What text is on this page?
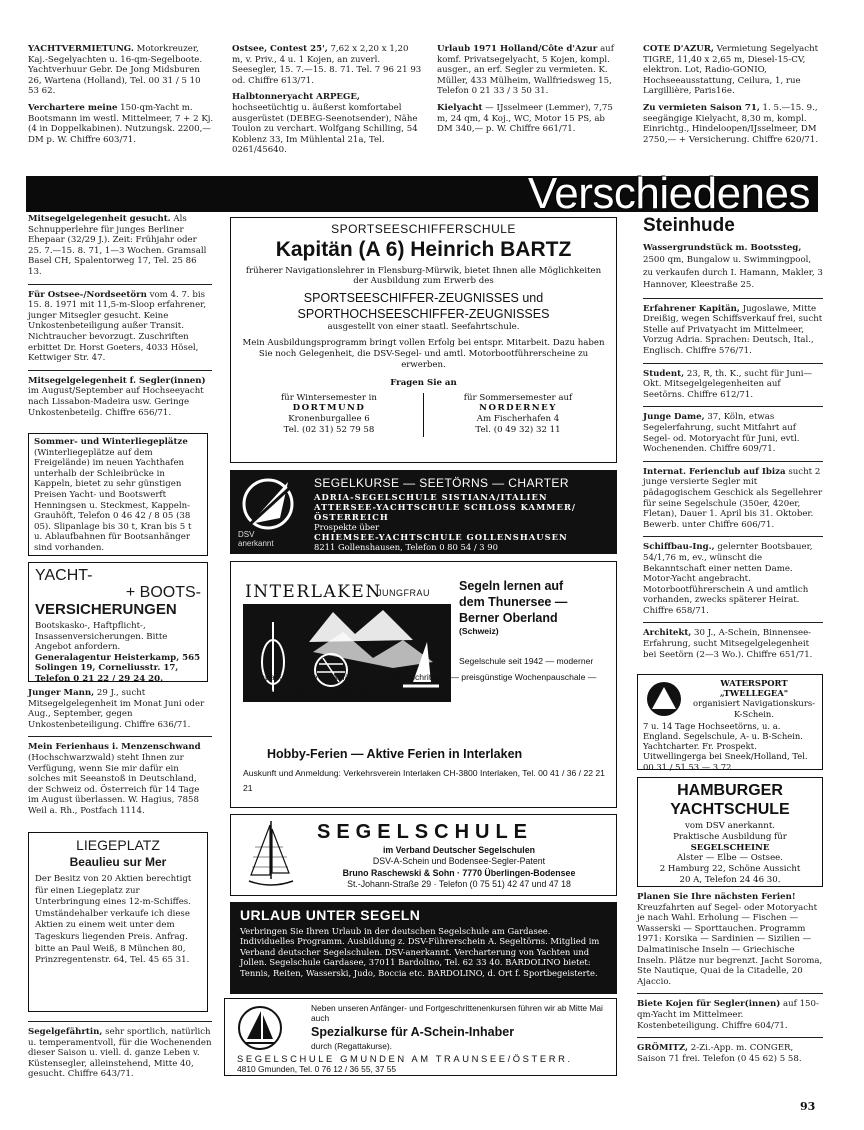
YACHTVERMIETUNG. Motorkreuzer, Kaj.-Segelyachten u. 16-qm-Segelboote. Yachtverhuur Gebr. De Jong Midsburen 26, Wartena (Holland), Tel. 00 31 / 5 10 53 62.

Verchartere meine 150-qm-Yacht m. Bootsmann im westl. Mittelmeer, 7 + 2 Kj. (4 in Doppelkabinen). Nutzungsk. 2200,— DM p. W. Chiffre 603/71.

Ostsee, Contest 25', 7,62 x 2,20 x 1,20 m, v. Priv., 4 u. 1 Kojen, an zuverl. Seesegler, 15. 7.—15. 8. 71. Tel. 7 96 21 93 od. Chiffre 613/71.

Halbtonneryacht ARPEGE, hochseetüchtig u. äußerst komfortabel ausgerüstet (DEBEG-Seenotsender), Nähe Toulon zu verchart. Wolfgang Schilling, 54 Koblenz 33, Im Mühlental 21a, Tel. 0261/45640.

Urlaub 1971 Holland/Côte d'Azur auf komf. Privatsegelyacht, 5 Kojen, kompl. ausger., an erf. Segler zu vermieten. K. Müller, 433 Mülheim, Wallfriedsweg 15, Telefon 0 21 33 / 3 50 31.

Kielyacht — IJsselmeer (Lemmer), 7,75 m, 24 qm, 4 Koj., WC, Motor 15 PS, ab DM 340,— p. W. Chiffre 661/71.

COTE D'AZUR, Vermietung Segelyacht TIGRE, 11,40 x 2,65 m, Diesel-15-CV, elektron. Lot, Radio-GONIO, Hochseeausstattung, Ceilura, 1, rue Largillière, Paris16e.

Zu vermieten Saison 71, 1. 5.—15. 9., seegängige Kielyacht, 8,30 m, kompl. Einrichtg., Hindeloopen/IJsselmeer, DM 2750,— + Versicherung. Chiffre 620/71.

Verschiedenes

Mitsegelgelegenheit gesucht. Als Schnupperlehre für junges Berliner Ehepaar (32/29 J.). Zeit: Frühjahr oder 25. 7.—15. 8. 71, 1—3 Wochen. Gramsall Basel CH, Spalentorweg 17, Tel. 25 86 13.

Für Ostsee-/Nordseetörn vom 4. 7. bis 15. 8. 1971 mit 11,5-m-Sloop erfahrener, junger Mitsegler gesucht. Keine Unkostenbeteiligung außer Transit. Nichtraucher bevorzugt. Zuschriften erbittet Dr. Horst Goeters, 4033 Hösel, Kettwiger Str. 47.

Mitsegelgelegenheit f. Segler(innen) im August/September auf Hochseeyacht nach Lissabon-Madeira usw. Geringe Unkostenbeteilg. Chiffre 656/71.

Sommer- und Winterliegeplätze (Winterliegeplätze auf dem Freigelände) im neuen Yachthafen unterhalb der Schleibrücke in Kappeln, bietet zu sehr günstigen Preisen Yacht- und Bootswerft Henningsen u. Steckmest, Kappeln-Grauhöft, Telefon 0 46 42 / 8 05 (38 05). Slipanlage bis 30 t, Kran bis 5 t u. Ablaufbahnen für Bootsanhänger sind vorhanden.
YACHT-
+ BOOTS-
VERSICHERUNGEN
Bootskasko-, Haftpflicht-, Insassenversicherungen. Bitte Angebot anfordern.
Generalagentur Heisterkamp, 565 Solingen 19, Corneliusstr. 17, Telefon 0 21 22 / 29 24 20.

Junger Mann, 29 J., sucht Mitsegelgelegenheit im Monat Juni oder Aug., September, gegen Unkostenbeteiligung. Chiffre 636/71.

Mein Ferienhaus i. Menzenschwand (Hochschwarzwald) steht Ihnen zur Verfügung, wenn Sie mir dafür ein solches mit Seeanstoß in Deutschland, der Schweiz od. Österreich für 14 Tage im August überlassen. W. Hagius, 7858 Weil a. Rh., Postfach 1114.

LIEGEPLATZ
Beaulieu sur Mer
Der Besitz von 20 Aktien berechtigt für einen Liegeplatz zur Unterbringung eines 12-m-Schiffes. Umständehalber verkaufe ich diese Aktien zu einem weit unter dem Tageskurs liegenden Preis. Anfrag. bitte an Paul Weiß, 8 München 80, Prinzregentenstr. 64, Tel. 45 65 31.

Segelgefährtin, sehr sportlich, natürlich u. temperamentvoll, für die Wochenenden dieser Saison u. viell. d. ganze Leben v. Küstensegler, alleinstehend, Mitte 40, gesucht. Chiffre 643/71.

SPORTSEESCHIFFERSCHULE
Kapitän (A 6) Heinrich BARTZ
früherer Navigationslehrer in Flensburg-Mürwik, bietet Ihnen alle Möglichkeiten der Ausbildung zum Erwerb des
SPORTSEESCHIFFER-ZEUGNISSES und
SPORTHOCHSEESCHIFFER-ZEUGNISSES
ausgestellt von einer staatl. Seefahrtschule.
Mein Ausbildungsprogramm bringt vollen Erfolg bei entspr. Mitarbeit. Dazu haben Sie noch Gelegenheit, die DSV-Segel- und amtl. Motorbootführerscheine zu erwerben.
Fragen Sie an
für Wintersemester in
DORTMUND
Kronenburgallee 6
Tel. (02 31) 52 79 58
für Sommersemester auf
NORDERNEY
Am Fischerhafen 4
Tel. (0 49 32) 32 11
DSV
anerkannt
SEGELKURSE — SEETÖRNS — CHARTER
ADRIA-SEGELSCHULE SISTIANA/ITALIEN
ATTERSEE-YACHTSCHULE SCHLOSS KAMMER/
ÖSTERREICH
Prospekte über
CHIEMSEE-YACHTSCHULE GOLLENSHAUSEN
8211 Gollenshausen, Telefon 0 80 54 / 3 90
INTERLAKEN
JUNGFRAU Segeln lernen auf
dem Thunersee —
Berner Oberland
(Schweiz)
Segelschule seit 1942 — moderner Bootspark — Kurse für Anfänger und Fortgeschrittene — preisgünstige Wochenpauschale — Bootsvermietung — Bootsführerkurse.
Hobby-Ferien — Aktive Ferien in Interlaken
Auskunft und Anmeldung: Verkehrsverein Interlaken CH-3800 Interlaken, Tel. 00 41 / 36 / 22 21 21
SEGELSCHULE
im Verband Deutscher Segelschulen
DSV-A-Schein und Bodensee-Segler-Patent
Bruno Raschewski & Sohn · 7770 Überlingen-Bodensee
St.-Johann-Straße 29 · Telefon (0 75 51) 42 47 und 47 18
URLAUB UNTER SEGELN
Verbringen Sie Ihren Urlaub in der deutschen Segelschule am Gardasee. Individuelles Programm. Ausbildung z. DSV-Führerschein A. Segeltörns. Mitglied im Verband deutscher Segelschulen. DSV-anerkannt. Vercharterung von Yachten und Jollen. Segelschule Gardasee, 37011 Bardolino, Tel. 62 33 40. BARDOLINO bietet: Tennis, Reiten, Wasserski, Judo, Boccia etc. BARDOLINO, d. Ort f. Sportbegeisterte.
Neben unseren Anfänger- und Fortgeschrittenenkursen führen wir ab Mitte Mai auch
Spezialkurse für A-Schein-Inhaber
durch (Regattakurse).
SEGELSCHULE GMUNDEN AM TRAUNSEE/ÖSTERR.
4810 Gmunden, Tel. 0 76 12 / 36 55, 37 55
Steinhude

Wassergrundstück m. Bootssteg, 2500 qm, Bungalow u. Swimmingpool, zu verkaufen durch I. Hamann, Makler, 3 Hannover, Kleestraße 25.

Erfahrener Kapitän, Jugoslawe, Mitte Dreißig, wegen Schiffsverkauf frei, sucht Stelle auf Privatyacht im Mittelmeer, Vorzug Adria. Sprachen: Deutsch, Ital., Englisch. Chiffre 576/71.

Student, 23, R, th. K., sucht für Juni—Okt. Mitsegelgelegenheiten auf Seetörns. Chiffre 612/71.

Junge Dame, 37, Köln, etwas Segelerfahrung, sucht Mitfahrt auf Segel- od. Motoryacht für Juni, evtl. Wochenenden. Chiffre 609/71.

Internat. Ferienclub auf Ibiza sucht 2 junge versierte Segler mit pädagogischem Geschick als Segellehrer für seine Segelschule (350er, 420er, Fletan), Dauer 1. April bis 31. Oktober. Bewerb. unter Chiffre 606/71.

Schiffbau-Ing., gelernter Bootsbauer, 54/1,76 m, ev., wünscht die Bekanntschaft einer netten Dame. Motor-Yacht angebracht. Motorbootführerschein A und amtlich vorhanden, zwecks späterer Heirat. Chiffre 658/71.

Architekt, 30 J., A-Schein, Binnensee-Erfahrung, sucht Mitsegelgelegenheit bei Seetörn (2—3 Wo.). Chiffre 651/71.

WATERSPORT
„TWELLEGEA"
organisiert Navigationskurs-K-Schein.
7 u. 14 Tage Hochseetörns, u. a. England. Segelschule, A- u. B-Schein. Yachtcharter. Fr. Prospekt. Uitwellingerga bei Sneek/Holland, Tel. 00 31 / 51 53 — 3 72.
HAMBURGER
YACHTSCHULE
vom DSV anerkannt.
Praktische Ausbildung für
SEGELSCHEINE
Alster — Elbe — Ostsee.
2 Hamburg 22, Schöne Aussicht
20 A, Telefon 24 46 30.

Planen Sie Ihre nächsten Ferien! Kreuzfahrten auf Segel- oder Motoryacht je nach Wahl. Erholung — Fischen — Wasserski — Sporttauchen. Programm 1971: Korsika — Sardinien — Sizilien — Dalmatinische Inseln — Griechische Inseln. Plätze nur begrenzt. Jacht Soroma, Ste Nautique, Quai de la Citadelle, 20 Ajaccio.

Biete Kojen für Segler(innen) auf 150-qm-Yacht im Mittelmeer. Kostenbeteiligung. Chiffre 604/71.

GRÖMITZ, 2-Zi.-App. m. CONGER, Saison 71 frei. Telefon (0 45 62) 5 58.

93
